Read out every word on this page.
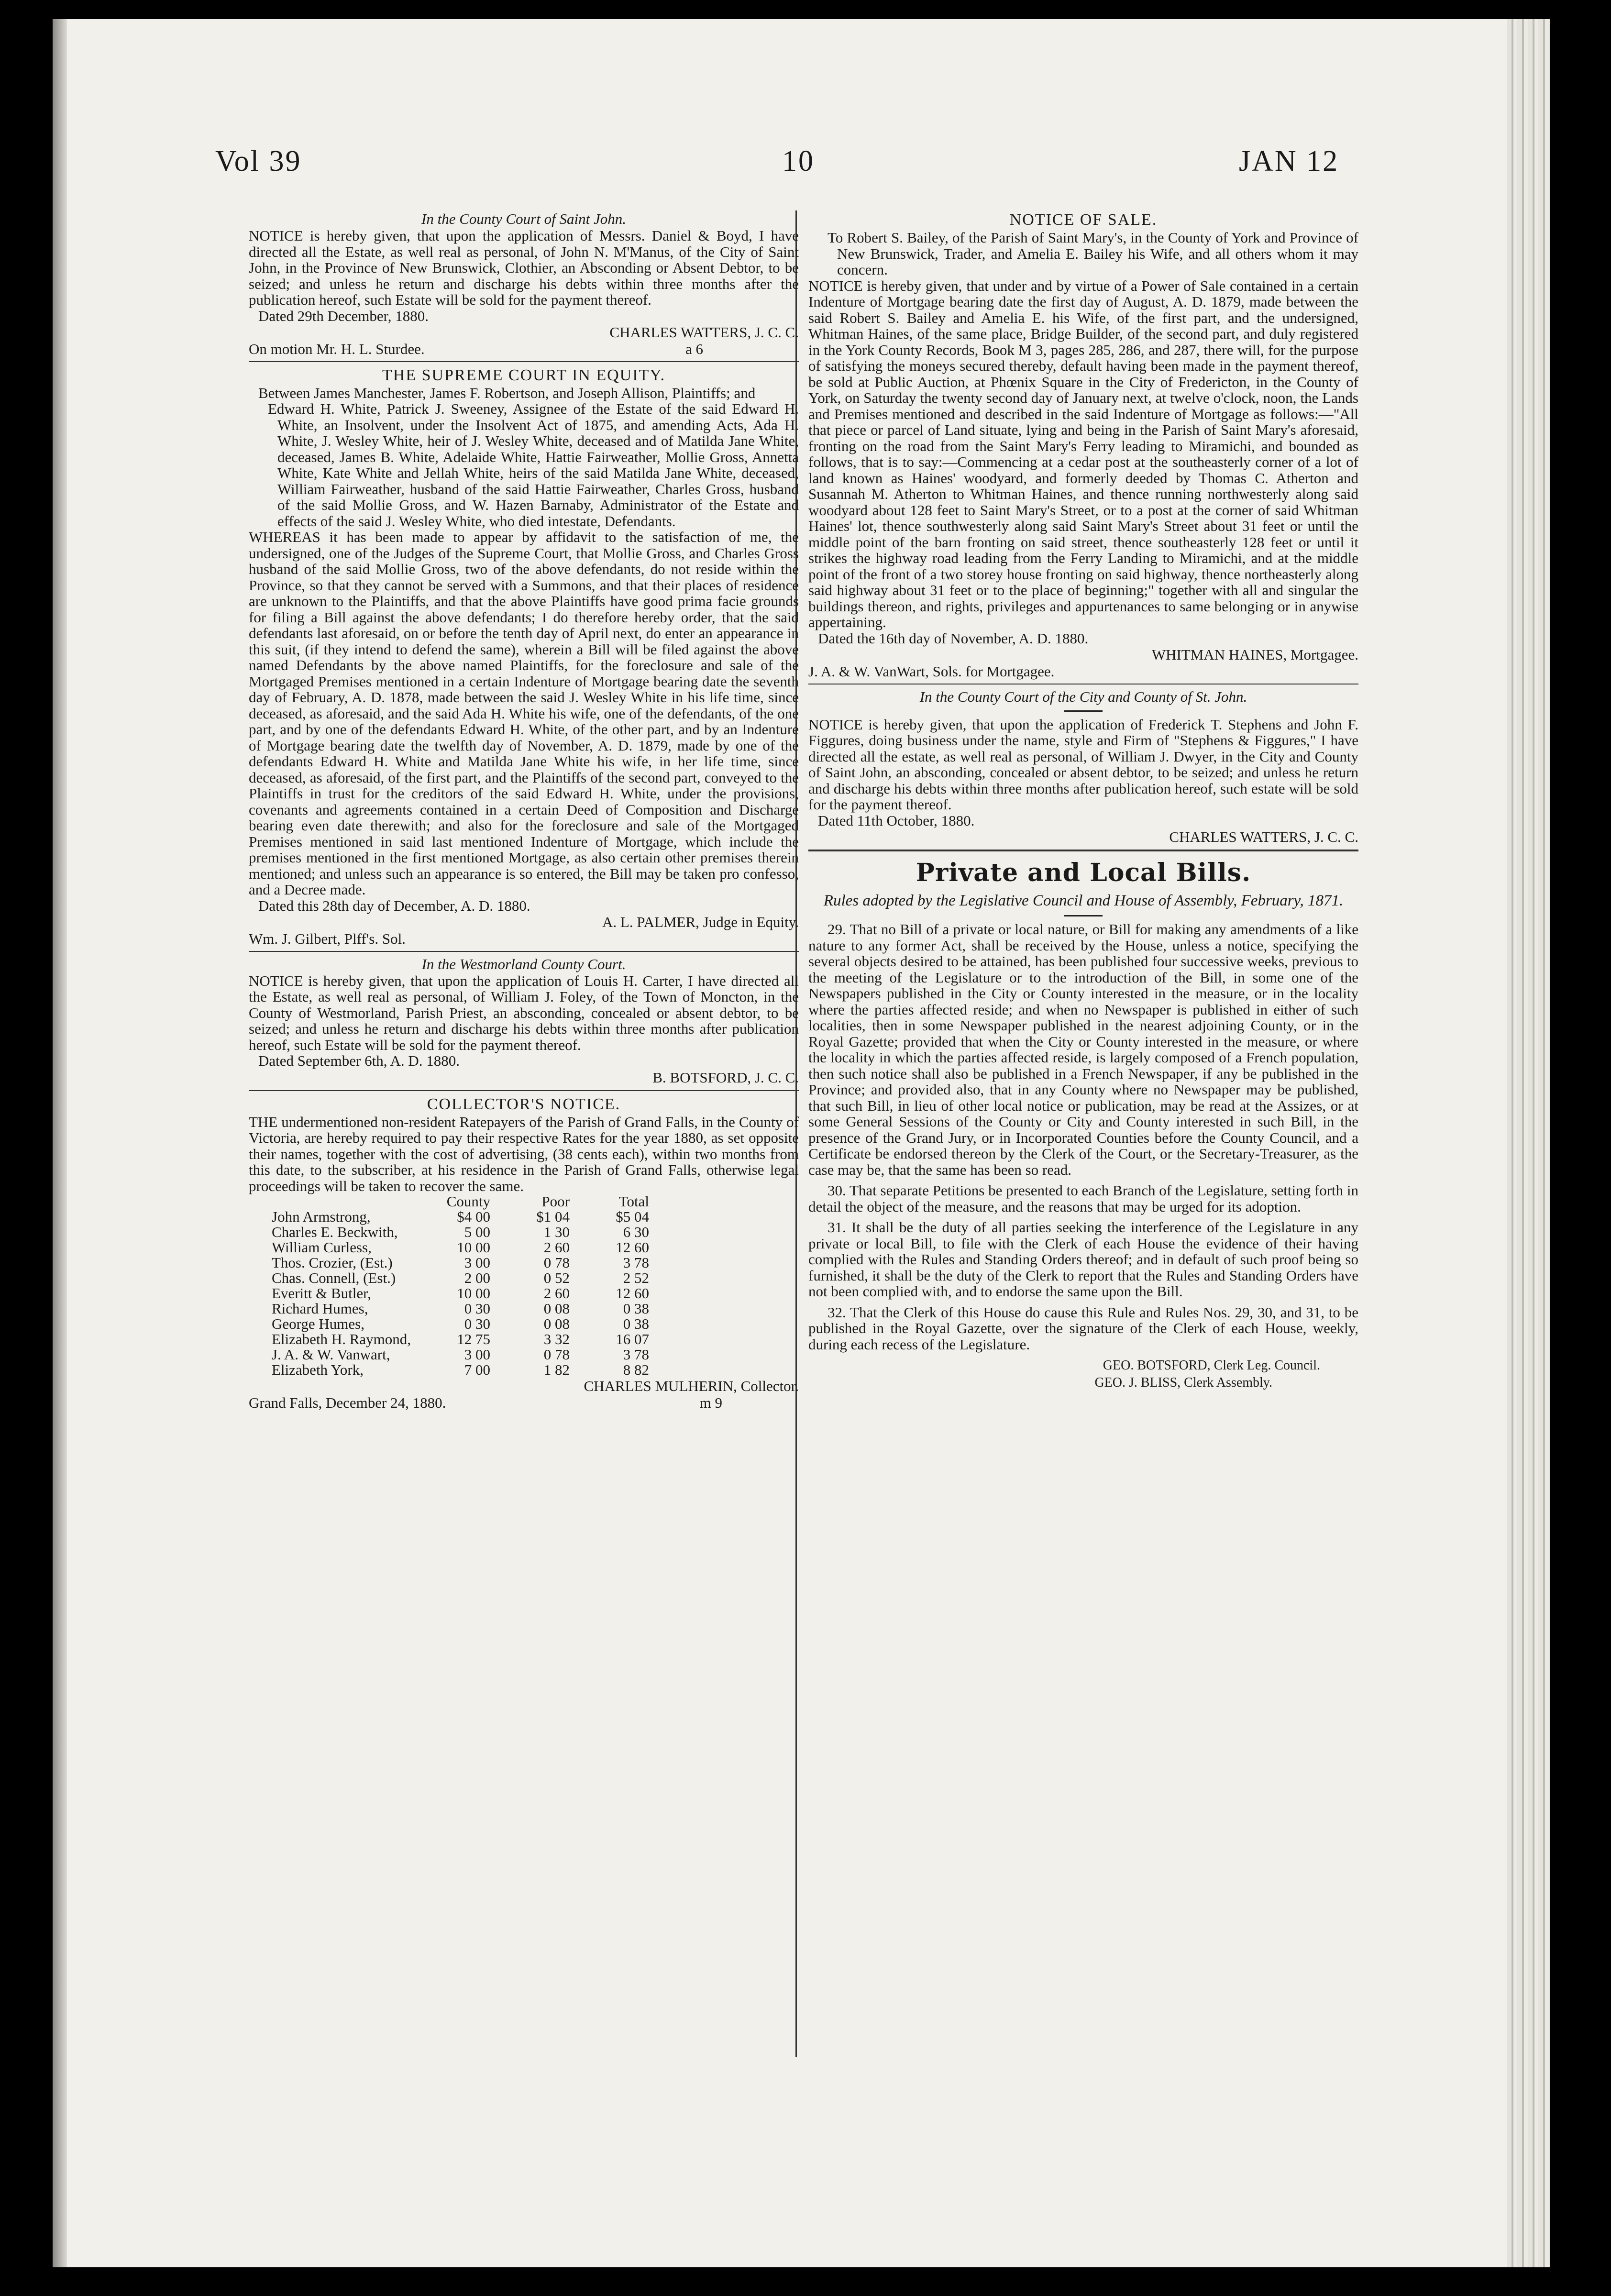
Vol 39	10	JAN 12

In the County Court of Saint John.

NOTICE is hereby given, that upon the application of Messrs. Daniel & Boyd, I have directed all the Estate, as well real as personal, of John N. M'Manus, of the City of Saint John, in the Province of New Brunswick, Clothier, an Absconding or Absent Debtor, to be seized; and unless he return and discharge his debts within three months after the publication hereof, such Estate will be sold for the payment thereof.

Dated 29th December, 1880.

CHARLES WATTERS, J. C. C.

On motion Mr. H. L. Sturdee.	a 6

THE SUPREME COURT IN EQUITY.

Between James Manchester, James F. Robertson, and Joseph Allison, Plaintiffs; and

Edward H. White, Patrick J. Sweeney, Assignee of the Estate of the said Edward H. White, an Insolvent, under the Insolvent Act of 1875, and amending Acts, Ada H. White, J. Wesley White, heir of J. Wesley White, deceased and of Matilda Jane White, deceased, James B. White, Adelaide White, Hattie Fairweather, Mollie Gross, Annetta White, Kate White and Jellah White, heirs of the said Matilda Jane White, deceased, William Fairweather, husband of the said Hattie Fairweather, Charles Gross, husband of the said Mollie Gross, and W. Hazen Barnaby, Administrator of the Estate and effects of the said J. Wesley White, who died intestate, Defendants.

WHEREAS it has been made to appear by affidavit to the satisfaction of me, the undersigned, one of the Judges of the Supreme Court, that Mollie Gross, and Charles Gross husband of the said Mollie Gross, two of the above defendants, do not reside within the Province, so that they cannot be served with a Summons, and that their places of residence are unknown to the Plaintiffs, and that the above Plaintiffs have good prima facie grounds for filing a Bill against the above defendants; I do therefore hereby order, that the said defendants last aforesaid, on or before the tenth day of April next, do enter an appearance in this suit, (if they intend to defend the same), wherein a Bill will be filed against the above named Defendants by the above named Plaintiffs, for the foreclosure and sale of the Mortgaged Premises mentioned in a certain Indenture of Mortgage bearing date the seventh day of February, A. D. 1878, made between the said J. Wesley White in his life time, since deceased, as aforesaid, and the said Ada H. White his wife, one of the defendants, of the one part, and by one of the defendants Edward H. White, of the other part, and by an Indenture of Mortgage bearing date the twelfth day of November, A. D. 1879, made by one of the defendants Edward H. White and Matilda Jane White his wife, in her life time, since deceased, as aforesaid, of the first part, and the Plaintiffs of the second part, conveyed to the Plaintiffs in trust for the creditors of the said Edward H. White, under the provisions, covenants and agreements contained in a certain Deed of Composition and Discharge bearing even date therewith; and also for the foreclosure and sale of the Mortgaged Premises mentioned in said last mentioned Indenture of Mortgage, which include the premises mentioned in the first mentioned Mortgage, as also certain other premises therein mentioned; and unless such an appearance is so entered, the Bill may be taken pro confesso, and a Decree made.

Dated this 28th day of December, A. D. 1880.

A. L. PALMER, Judge in Equity.

Wm. J. Gilbert, Plff's. Sol.

In the Westmorland County Court.

NOTICE is hereby given, that upon the application of Louis H. Carter, I have directed all the Estate, as well real as personal, of William J. Foley, of the Town of Moncton, in the County of Westmorland, Parish Priest, an absconding, concealed or absent debtor, to be seized; and unless he return and discharge his debts within three months after publication hereof, such Estate will be sold for the payment thereof.

Dated September 6th, A. D. 1880.

B. BOTSFORD, J. C. C.

COLLECTOR'S NOTICE.

THE undermentioned non-resident Ratepayers of the Parish of Grand Falls, in the County of Victoria, are hereby required to pay their respective Rates for the year 1880, as set opposite their names, together with the cost of advertising, (38 cents each), within two months from this date, to the subscriber, at his residence in the Parish of Grand Falls, otherwise legal proceedings will be taken to recover the same.

	County	Poor	Total
John Armstrong,	$4 00	$1 04	$5 04
Charles E. Beckwith,	5 00	1 30	6 30
William Curless,	10 00	2 60	12 60
Thos. Crozier, (Est.)	3 00	0 78	3 78
Chas. Connell, (Est.)	2 00	0 52	2 52
Everitt & Butler,	10 00	2 60	12 60
Richard Humes,	0 30	0 08	0 38
George Humes,	0 30	0 08	0 38
Elizabeth H. Raymond,	12 75	3 32	16 07
J. A. & W. Vanwart,	3 00	0 78	3 78
Elizabeth York,	7 00	1 82	8 82

CHARLES MULHERIN, Collector.

Grand Falls, December 24, 1880.	m 9

NOTICE OF SALE.

To Robert S. Bailey, of the Parish of Saint Mary's, in the County of York and Province of New Brunswick, Trader, and Amelia E. Bailey his Wife, and all others whom it may concern.

NOTICE is hereby given, that under and by virtue of a Power of Sale contained in a certain Indenture of Mortgage bearing date the first day of August, A. D. 1879, made between the said Robert S. Bailey and Amelia E. his Wife, of the first part, and the undersigned, Whitman Haines, of the same place, Bridge Builder, of the second part, and duly registered in the York County Records, Book M 3, pages 285, 286, and 287, there will, for the purpose of satisfying the moneys secured thereby, default having been made in the payment thereof, be sold at Public Auction, at Phœnix Square in the City of Fredericton, in the County of York, on Saturday the twenty second day of January next, at twelve o'clock, noon, the Lands and Premises mentioned and described in the said Indenture of Mortgage as follows:—"All that piece or parcel of Land situate, lying and being in the Parish of Saint Mary's aforesaid, fronting on the road from the Saint Mary's Ferry leading to Miramichi, and bounded as follows, that is to say:—Commencing at a cedar post at the southeasterly corner of a lot of land known as Haines' woodyard, and formerly deeded by Thomas C. Atherton and Susannah M. Atherton to Whitman Haines, and thence running northwesterly along said woodyard about 128 feet to Saint Mary's Street, or to a post at the corner of said Whitman Haines' lot, thence southwesterly along said Saint Mary's Street about 31 feet or until the middle point of the barn fronting on said street, thence southeasterly 128 feet or until it strikes the highway road leading from the Ferry Landing to Miramichi, and at the middle point of the front of a two storey house fronting on said highway, thence northeasterly along said highway about 31 feet or to the place of beginning;" together with all and singular the buildings thereon, and rights, privileges and appurtenances to same belonging or in anywise appertaining.

Dated the 16th day of November, A. D. 1880.

WHITMAN HAINES, Mortgagee.

J. A. & W. VanWart, Sols. for Mortgagee.

In the County Court of the City and County of St. John.

NOTICE is hereby given, that upon the application of Frederick T. Stephens and John F. Figgures, doing business under the name, style and Firm of "Stephens & Figgures," I have directed all the estate, as well real as personal, of William J. Dwyer, in the City and County of Saint John, an absconding, concealed or absent debtor, to be seized; and unless he return and discharge his debts within three months after publication hereof, such estate will be sold for the payment thereof.

Dated 11th October, 1880.

CHARLES WATTERS, J. C. C.

Private and Local Bills.

Rules adopted by the Legislative Council and House of Assembly, February, 1871.

29. That no Bill of a private or local nature, or Bill for making any amendments of a like nature to any former Act, shall be received by the House, unless a notice, specifying the several objects desired to be attained, has been published four successive weeks, previous to the meeting of the Legislature or to the introduction of the Bill, in some one of the Newspapers published in the City or County interested in the measure, or in the locality where the parties affected reside; and when no Newspaper is published in either of such localities, then in some Newspaper published in the nearest adjoining County, or in the Royal Gazette; provided that when the City or County interested in the measure, or where the locality in which the parties affected reside, is largely composed of a French population, then such notice shall also be published in a French Newspaper, if any be published in the Province; and provided also, that in any County where no Newspaper may be published, that such Bill, in lieu of other local notice or publication, may be read at the Assizes, or at some General Sessions of the County or City and County interested in such Bill, in the presence of the Grand Jury, or in Incorporated Counties before the County Council, and a Certificate be endorsed thereon by the Clerk of the Court, or the Secretary-Treasurer, as the case may be, that the same has been so read.

30. That separate Petitions be presented to each Branch of the Legislature, setting forth in detail the object of the measure, and the reasons that may be urged for its adoption.

31. It shall be the duty of all parties seeking the interference of the Legislature in any private or local Bill, to file with the Clerk of each House the evidence of their having complied with the Rules and Standing Orders thereof; and in default of such proof being so furnished, it shall be the duty of the Clerk to report that the Rules and Standing Orders have not been complied with, and to endorse the same upon the Bill.

32. That the Clerk of this House do cause this Rule and Rules Nos. 29, 30, and 31, to be published in the Royal Gazette, over the signature of the Clerk of each House, weekly, during each recess of the Legislature.

GEO. BOTSFORD, Clerk Leg. Council.

GEO. J. BLISS, Clerk Assembly.
